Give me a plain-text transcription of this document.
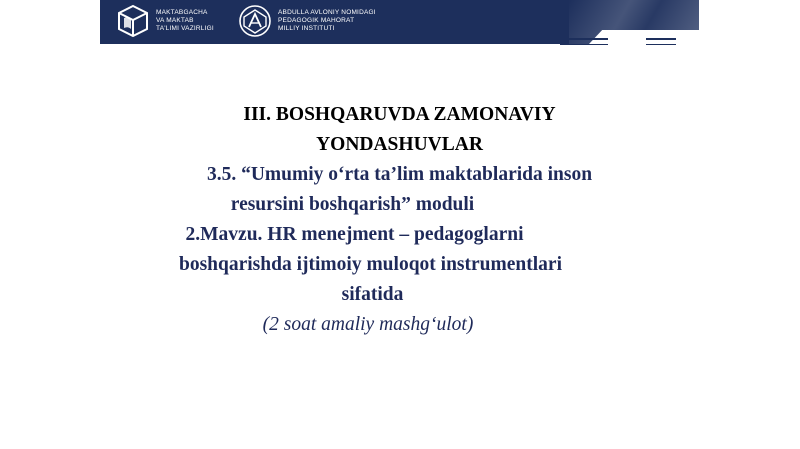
MAKTABGACHA
VA MAKTAB
TA'LIMI VAZIRLIGI
ABDULLA AVLONIY NOMIDAGI
PEDAGOGIK MAHORAT
MILLIY INSTITUTI
III. BOSHQARUVDA ZAMONAVIY
YONDASHUVLAR
3.5. “Umumiy o‘rta ta’lim maktablarida inson
resursini boshqarish” moduli
2.Mavzu. HR menejment – pedagoglarni
boshqarishda ijtimoiy muloqot instrumentlari
sifatida
(2 soat amaliy mashg‘ulot)
